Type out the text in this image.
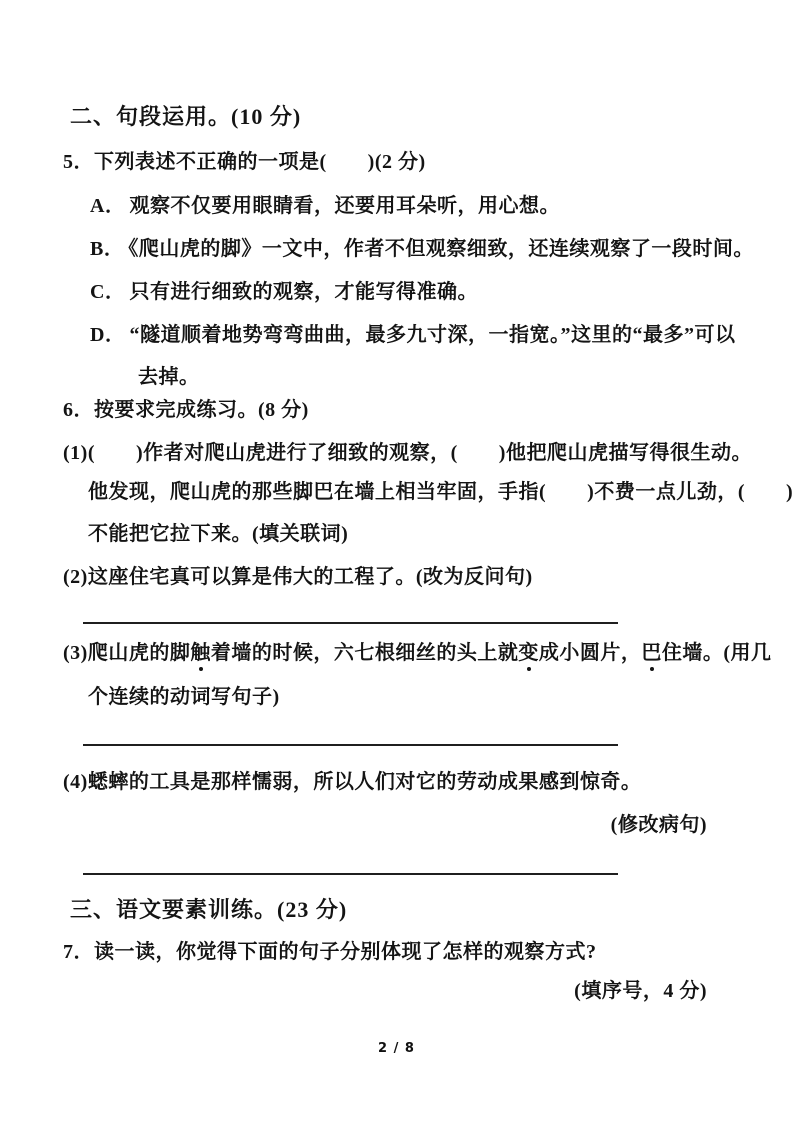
二、句段运用。(10 分)
5．下列表述不正确的一项是(　　)(2 分)
A． 观察不仅要用眼睛看，还要用耳朵听，用心想。
B． 《爬山虎的脚》一文中，作者不但观察细致，还连续观察了一段时间。
C． 只有进行细致的观察，才能写得准确。
D． “隧道顺着地势弯弯曲曲，最多九寸深，一指宽。”这里的“最多”可以
去掉。
6．按要求完成练习。(8 分)
(1)(　　)作者对爬山虎进行了细致的观察，(　　)他把爬山虎描写得很生动。
他发现，爬山虎的那些脚巴在墙上相当牢固，手指(　　)不费一点儿劲，(　　)
不能把它拉下来。(填关联词)
(2)这座住宅真可以算是伟大的工程了。(改为反问句)
(3)爬山虎的脚触着墙的时候，六七根细丝的头上就变成小圆片，巴住墙。(用几
个连续的动词写句子)
(4)蟋蟀的工具是那样懦弱，所以人们对它的劳动成果感到惊奇。
(修改病句)
三、语文要素训练。(23 分)
7．读一读，你觉得下面的句子分别体现了怎样的观察方式?
(填序号，4 分)
2 / 8
